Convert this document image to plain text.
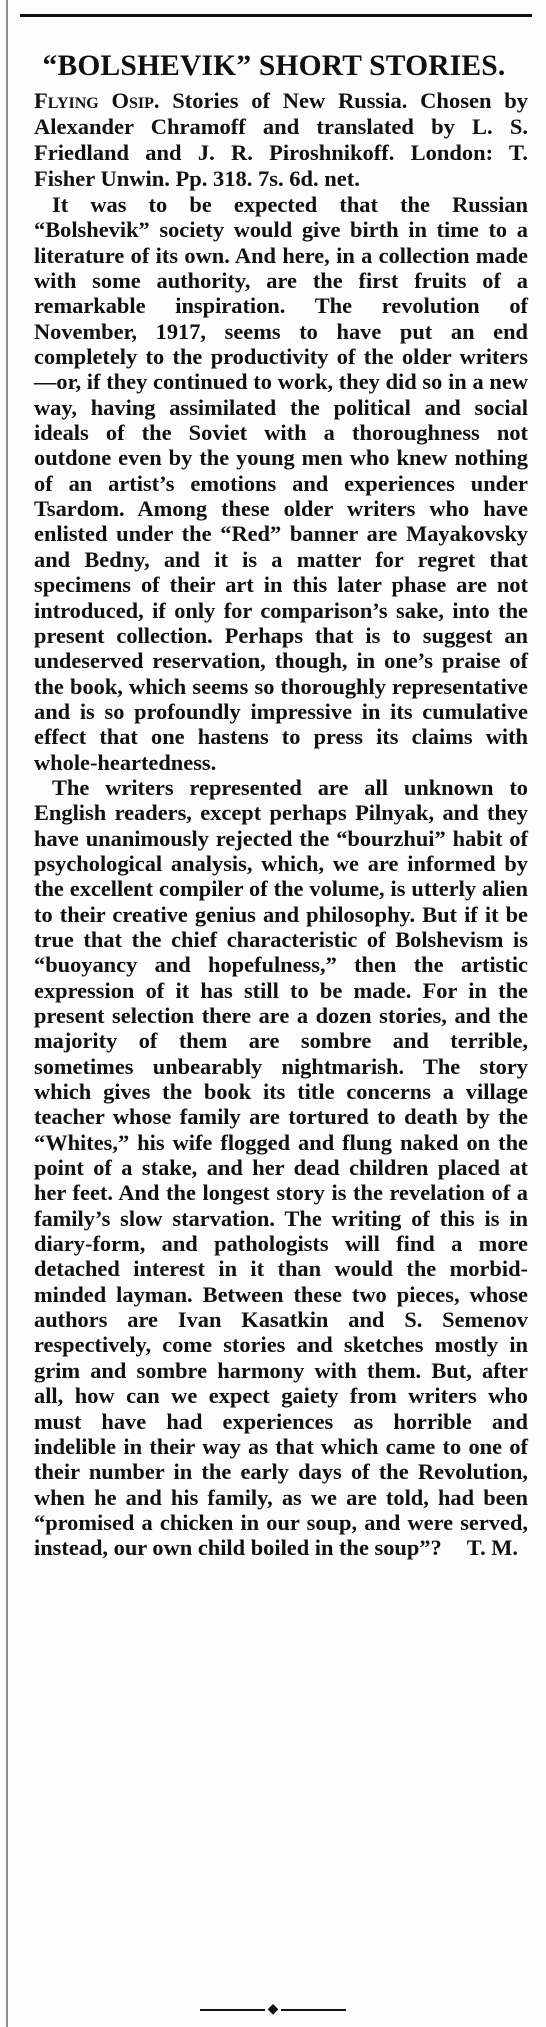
“BOLSHEVIK” SHORT STORIES.

Flying Osip. Stories of New Russia. Chosen by Alexander Chramoff and translated by L. S. Friedland and J. R. Piroshnikoff. London: T. Fisher Unwin. Pp. 318. 7s. 6d. net.

It was to be expected that the Russian “Bolshevik” society would give birth in time to a literature of its own. And here, in a collection made with some authority, are the first fruits of a remarkable inspiration. The revolution of November, 1917, seems to have put an end completely to the productivity of the older writers—or, if they continued to work, they did so in a new way, having assimilated the political and social ideals of the Soviet with a thoroughness not outdone even by the young men who knew nothing of an artist’s emotions and experiences under Tsardom. Among these older writers who have enlisted under the “Red” banner are Mayakovsky and Bedny, and it is a matter for regret that specimens of their art in this later phase are not introduced, if only for comparison’s sake, into the present collection. Perhaps that is to suggest an undeserved reservation, though, in one’s praise of the book, which seems so thoroughly representative and is so profoundly impressive in its cumulative effect that one hastens to press its claims with whole-heartedness.

The writers represented are all unknown to English readers, except perhaps Pilnyak, and they have unanimously rejected the “bourzhui” habit of psychological analysis, which, we are informed by the excellent compiler of the volume, is utterly alien to their creative genius and philosophy. But if it be true that the chief characteristic of Bolshevism is “buoyancy and hopefulness,” then the artistic expression of it has still to be made. For in the present selection there are a dozen stories, and the majority of them are sombre and terrible, sometimes unbearably nightmarish. The story which gives the book its title concerns a village teacher whose family are tortured to death by the “Whites,” his wife flogged and flung naked on the point of a stake, and her dead children placed at her feet. And the longest story is the revelation of a family’s slow starvation. The writing of this is in diary-form, and pathologists will find a more detached interest in it than would the morbid-minded layman. Between these two pieces, whose authors are Ivan Kasatkin and S. Semenov respectively, come stories and sketches mostly in grim and sombre harmony with them. But, after all, how can we expect gaiety from writers who must have had experiences as horrible and indelible in their way as that which came to one of their number in the early days of the Revolution, when he and his family, as we are told, had been “promised a chicken in our soup, and were served, instead, our own child boiled in the soup”?	T. M.

◆
